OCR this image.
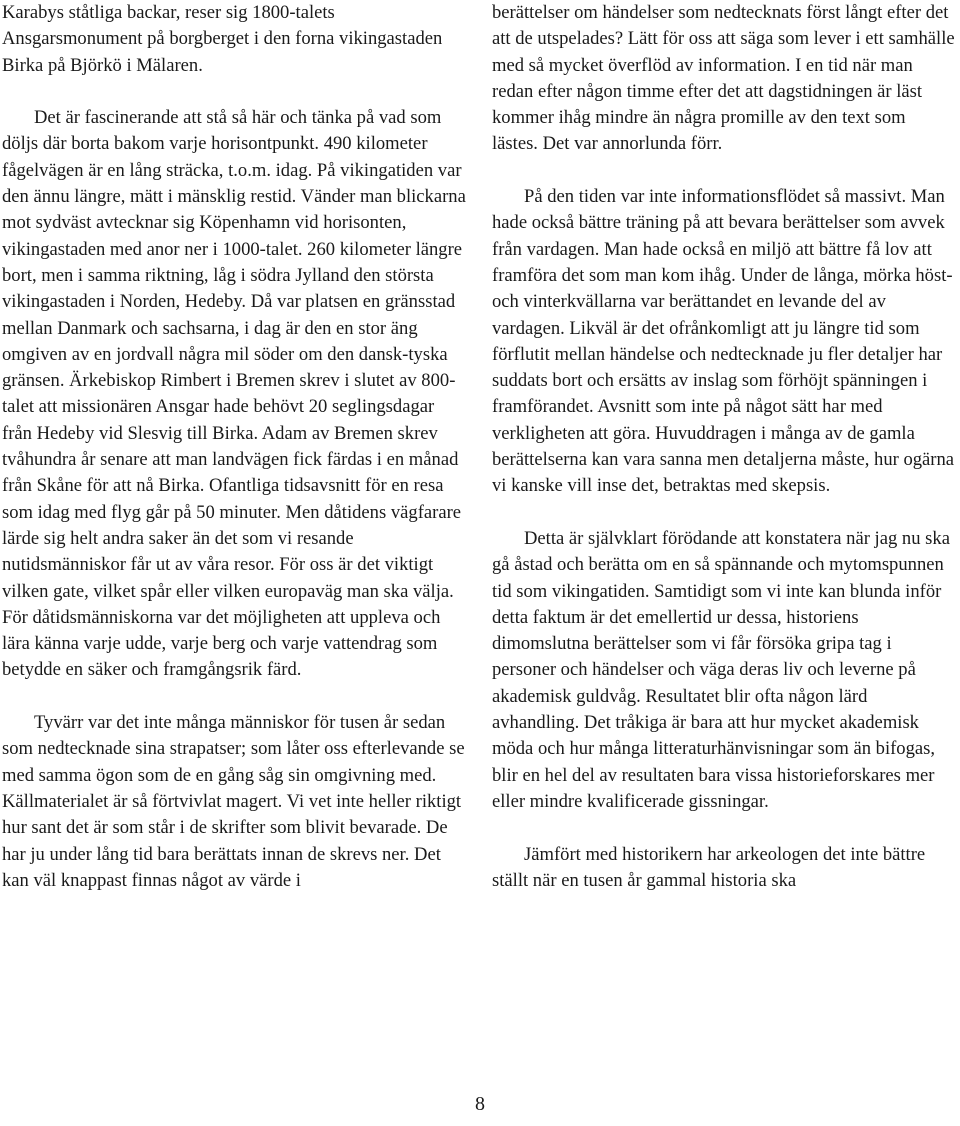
Karabys ståtliga backar, reser sig 1800-talets Ansgarsmonument på borgberget i den forna vikingastaden Birka på Björkö i Mälaren.

Det är fascinerande att stå så här och tänka på vad som döljs där borta bakom varje horisontpunkt. 490 kilometer fågelvägen är en lång sträcka, t.o.m. idag. På vikingatiden var den ännu längre, mätt i mänsklig restid. Vänder man blickarna mot sydväst avtecknar sig Köpenhamn vid horisonten, vikingastaden med anor ner i 1000-talet. 260 kilometer längre bort, men i samma riktning, låg i södra Jylland den största vikingastaden i Norden, Hedeby. Då var platsen en gränsstad mellan Danmark och sachsarna, i dag är den en stor äng omgiven av en jordvall några mil söder om den dansk-tyska gränsen. Ärkebiskop Rimbert i Bremen skrev i slutet av 800-talet att missionären Ansgar hade behövt 20 seglingsdagar från Hedeby vid Slesvig till Birka. Adam av Bremen skrev tvåhundra år senare att man landvägen fick färdas i en månad från Skåne för att nå Birka. Ofantliga tidsavsnitt för en resa som idag med flyg går på 50 minuter. Men dåtidens vägfarare lärde sig helt andra saker än det som vi resande nutidsmänniskor får ut av våra resor. För oss är det viktigt vilken gate, vilket spår eller vilken europaväg man ska välja. För dåtidsmänniskorna var det möjligheten att uppleva och lära känna varje udde, varje berg och varje vattendrag som betydde en säker och framgångsrik färd.

Tyvärr var det inte många människor för tusen år sedan som nedtecknade sina strapatser; som låter oss efterlevande se med samma ögon som de en gång såg sin omgivning med. Källmaterialet är så förtvivlat magert. Vi vet inte heller riktigt hur sant det är som står i de skrifter som blivit bevarade. De har ju under lång tid bara berättats innan de skrevs ner. Det kan väl knappast finnas något av värde i

berättelser om händelser som nedtecknats först långt efter det att de utspelades? Lätt för oss att säga som lever i ett samhälle med så mycket överflöd av information. I en tid när man redan efter någon timme efter det att dagstidningen är läst kommer ihåg mindre än några promille av den text som lästes. Det var annorlunda förr.

På den tiden var inte informationsflödet så massivt. Man hade också bättre träning på att bevara berättelser som avvek från vardagen. Man hade också en miljö att bättre få lov att framföra det som man kom ihåg. Under de långa, mörka höst- och vinterkvällarna var berättandet en levande del av vardagen. Likväl är det ofrånkomligt att ju längre tid som förflutit mellan händelse och nedtecknade ju fler detaljer har suddats bort och ersätts av inslag som förhöjt spänningen i framförandet. Avsnitt som inte på något sätt har med verkligheten att göra. Huvuddragen i många av de gamla berättelserna kan vara sanna men detaljerna måste, hur ogärna vi kanske vill inse det, betraktas med skepsis.

Detta är självklart förödande att konstatera när jag nu ska gå åstad och berätta om en så spännande och mytomspunnen tid som vikingatiden. Samtidigt som vi inte kan blunda inför detta faktum är det emellertid ur dessa, historiens dimomslutna berättelser som vi får försöka gripa tag i personer och händelser och väga deras liv och leverne på akademisk guldvåg. Resultatet blir ofta någon lärd avhandling. Det tråkiga är bara att hur mycket akademisk möda och hur många litteraturhänvisningar som än bifogas, blir en hel del av resultaten bara vissa historieforskares mer eller mindre kvalificerade gissningar.

Jämfört med historikern har arkeologen det inte bättre ställt när en tusen år gammal historia ska

8
